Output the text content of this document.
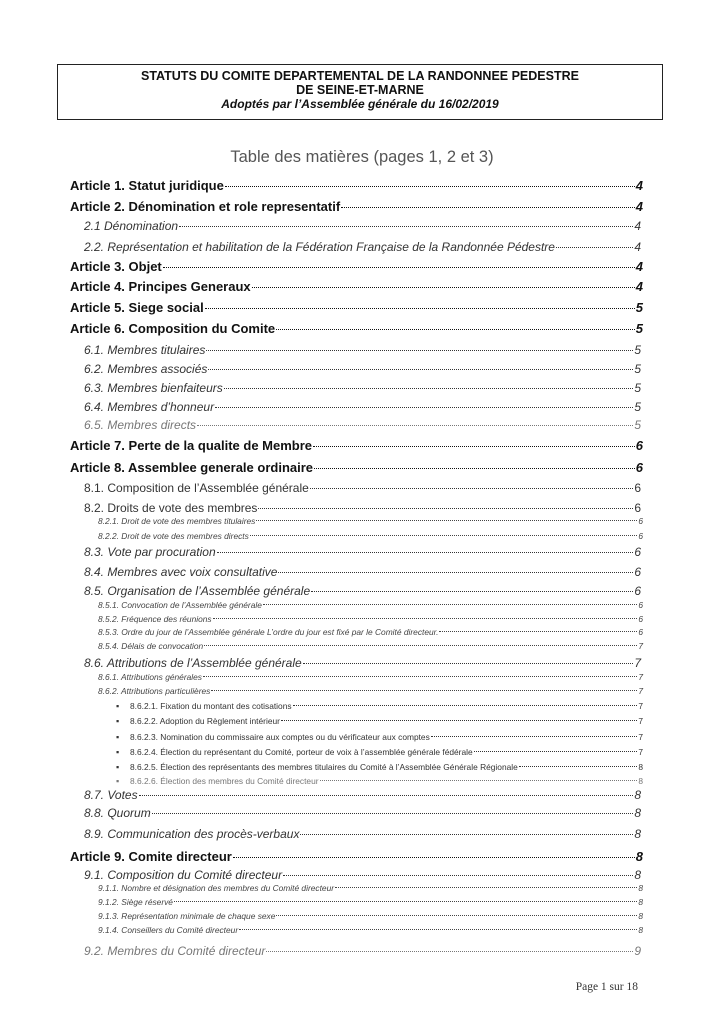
STATUTS DU COMITE DEPARTEMENTAL DE LA RANDONNEE PEDESTRE
DE SEINE-ET-MARNE
Adoptés par l’Assemblée générale du 16/02/2019
Table des matières (pages 1, 2 et 3)
Article 1. Statut juridique	4
Article 2. Dénomination et role representatif	4
2.1 Dénomination	4
2.2. Représentation et habilitation de la Fédération Française de la Randonnée Pédestre	4
Article 3. Objet	4
Article 4. Principes Generaux	4
Article 5. Siege social	5
Article 6. Composition du Comite	5
6.1. Membres titulaires	5
6.2. Membres associés	5
6.3. Membres bienfaiteurs	5
6.4. Membres d’honneur	5
6.5. Membres directs	5
Article 7. Perte de la qualite de Membre	6
Article 8. Assemblee generale ordinaire	6
8.1. Composition de l’Assemblée générale	6
8.2. Droits de vote des membres	6
8.2.1. Droit de vote des membres titulaires	6
8.2.2. Droit de vote des membres directs	6
8.3. Vote par procuration	6
8.4. Membres avec voix consultative	6
8.5. Organisation de l’Assemblée générale	6
8.5.1. Convocation de l’Assemblée générale	6
8.5.2. Fréquence des réunions	6
8.5.3. Ordre du jour de l’Assemblée générale L’ordre du jour est fixé par le Comité directeur.	6
8.5.4. Délais de convocation	7
8.6. Attributions de l’Assemblée générale	7
8.6.1. Attributions générales	7
8.6.2. Attributions particulières	7
▪	8.6.2.1. Fixation du montant des cotisations	7
▪	8.6.2.2. Adoption du Règlement intérieur	7
▪	8.6.2.3. Nomination du commissaire aux comptes ou du vérificateur aux comptes	7
▪	8.6.2.4. Élection du représentant du Comité, porteur de voix à l’assemblée générale fédérale	7
▪	8.6.2.5. Élection des représentants des membres titulaires du Comité à l’Assemblée Générale Régionale	8
▪	8.6.2.6. Élection des membres du Comité directeur	8
8.7. Votes	8
8.8. Quorum	8
8.9. Communication des procès-verbaux	8
Article 9. Comite directeur	8
9.1. Composition du Comité directeur	8
9.1.1. Nombre et désignation des membres du Comité directeur	8
9.1.2. Siège réservé	8
9.1.3. Représentation minimale de chaque sexe	8
9.1.4. Conseillers du Comité directeur	8
9.2. Membres du Comité directeur	9
Page 1 sur 18
